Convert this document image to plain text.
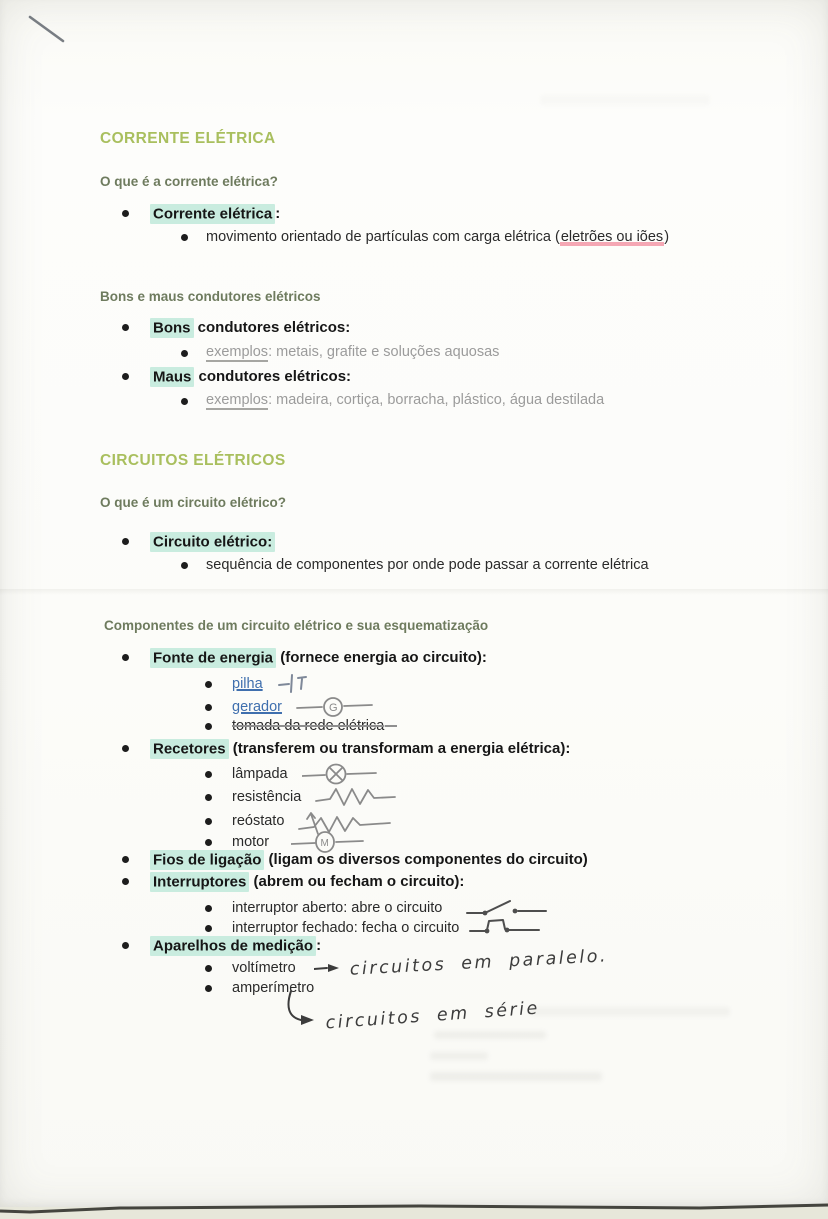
CORRENTE ELÉTRICA
O que é a corrente elétrica?
Corrente elétrica :
movimento orientado de partículas com carga elétrica (eletrões ou iões)
Bons e maus condutores elétricos
Bons condutores elétricos:
exemplos: metais, grafite e soluções aquosas
Maus condutores elétricos:
exemplos: madeira, cortiça, borracha, plástico, água destilada
CIRCUITOS ELÉTRICOS
O que é um circuito elétrico?
Circuito elétrico:
sequência de componentes por onde pode passar a corrente elétrica
Componentes de um circuito elétrico e sua esquematização
Fonte de energia (fornece energia ao circuito):
pilha
gerador	G
tomada da rede elétrica
Recetores (transferem ou transformam a energia elétrica):
lâmpada
resistência
reóstato
motor	M
Fios de ligação (ligam os diversos componentes do circuito)
Interruptores (abrem ou fecham o circuito):
interruptor aberto: abre o circuito
interruptor fechado: fecha o circuito
Aparelhos de medição :
voltímetro	circuitos em paralelo.
amperímetro
circuitos em série
